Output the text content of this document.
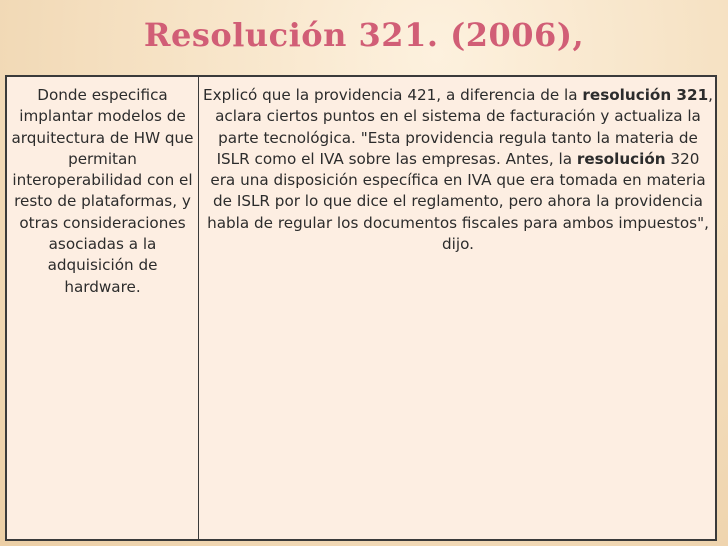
Resolución 321. (2006),
Donde especifica implantar modelos de arquitectura de HW que permitan interoperabilidad con el resto de plataformas, y otras consideraciones asociadas a la adquisición de hardware.
Explicó que la providencia 421, a diferencia de la resolución 321, aclara ciertos puntos en el sistema de facturación y actualiza la parte tecnológica. "Esta providencia regula tanto la materia de ISLR como el IVA sobre las empresas. Antes, la resolución 320 era una disposición específica en IVA que era tomada en materia de ISLR por lo que dice el reglamento, pero ahora la providencia habla de regular los documentos fiscales para ambos impuestos", dijo.
